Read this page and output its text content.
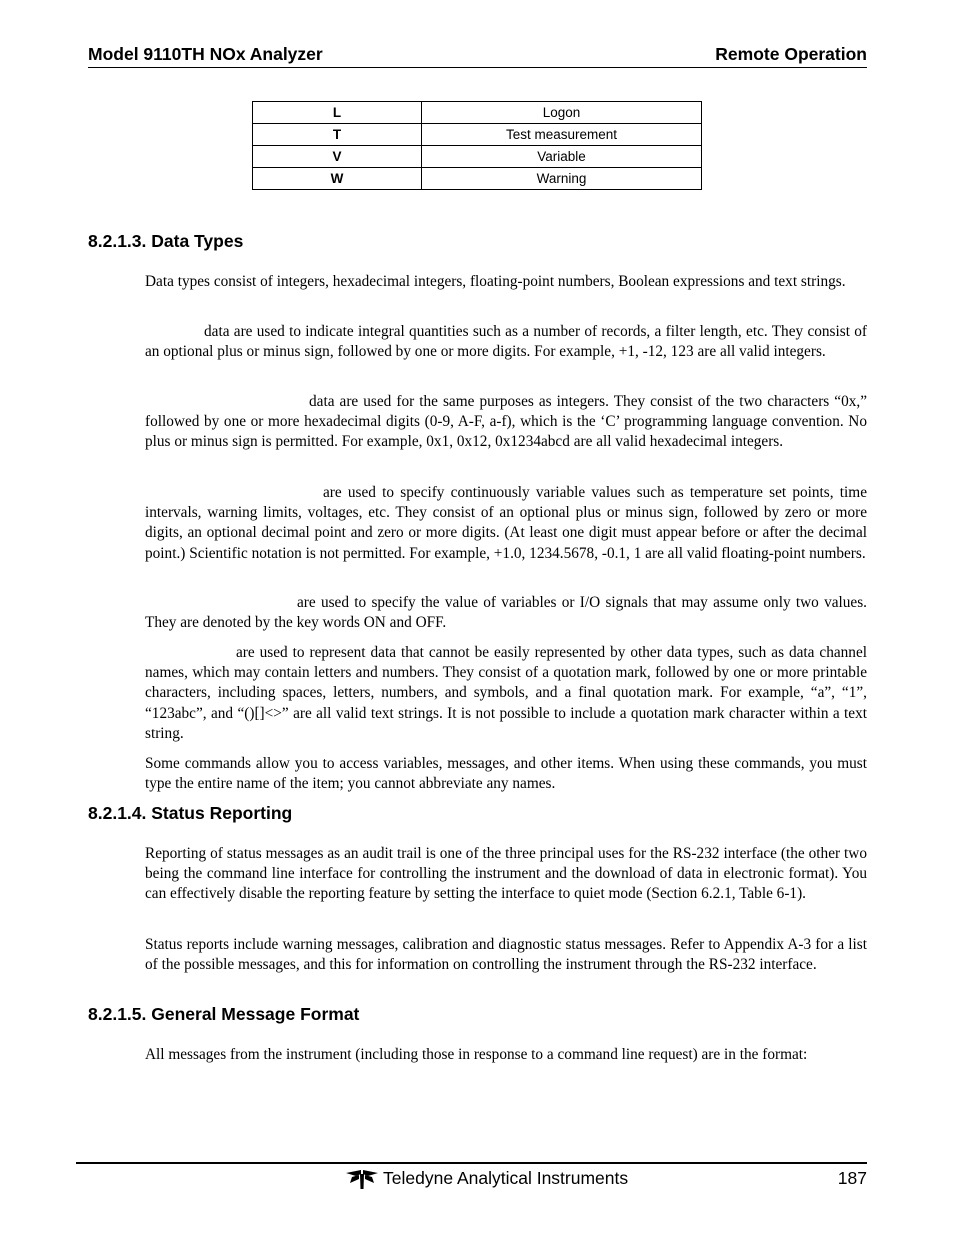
Model 9110TH NOx Analyzer	Remote Operation
L	Logon
T	Test measurement
V	Variable
W	Warning
8.2.1.3. Data Types

Data types consist of integers, hexadecimal integers, floating-point numbers, Boolean expressions and text strings.

data are used to indicate integral quantities such as a number of records, a filter length, etc. They consist of an optional plus or minus sign, followed by one or more digits. For example, +1, -12, 123 are all valid integers.

data are used for the same purposes as integers. They consist of the two characters “0x,” followed by one or more hexadecimal digits (0-9, A-F, a-f), which is the ‘C’ programming language convention. No plus or minus sign is permitted. For example, 0x1, 0x12, 0x1234abcd are all valid hexadecimal integers.

are used to specify continuously variable values such as temperature set points, time intervals, warning limits, voltages, etc. They consist of an optional plus or minus sign, followed by zero or more digits, an optional decimal point and zero or more digits. (At least one digit must appear before or after the decimal point.) Scientific notation is not permitted. For example, +1.0, 1234.5678, -0.1, 1 are all valid floating-point numbers.

are used to specify the value of variables or I/O signals that may assume only two values. They are denoted by the key words ON and OFF.

are used to represent data that cannot be easily represented by other data types, such as data channel names, which may contain letters and numbers. They consist of a quotation mark, followed by one or more printable characters, including spaces, letters, numbers, and symbols, and a final quotation mark. For example, “a”, “1”, “123abc”, and “()[]<>” are all valid text strings. It is not possible to include a quotation mark character within a text string.

Some commands allow you to access variables, messages, and other items. When using these commands, you must type the entire name of the item; you cannot abbreviate any names.

8.2.1.4. Status Reporting

Reporting of status messages as an audit trail is one of the three principal uses for the RS-232 interface (the other two being the command line interface for controlling the instrument and the download of data in electronic format). You can effectively disable the reporting feature by setting the interface to quiet mode (Section 6.2.1, Table 6-1).

Status reports include warning messages, calibration and diagnostic status messages. Refer to Appendix A-3 for a list of the possible messages, and this for information on controlling the instrument through the RS-232 interface.

8.2.1.5. General Message Format

All messages from the instrument (including those in response to a command line request) are in the format:

Teledyne Analytical Instruments	187
